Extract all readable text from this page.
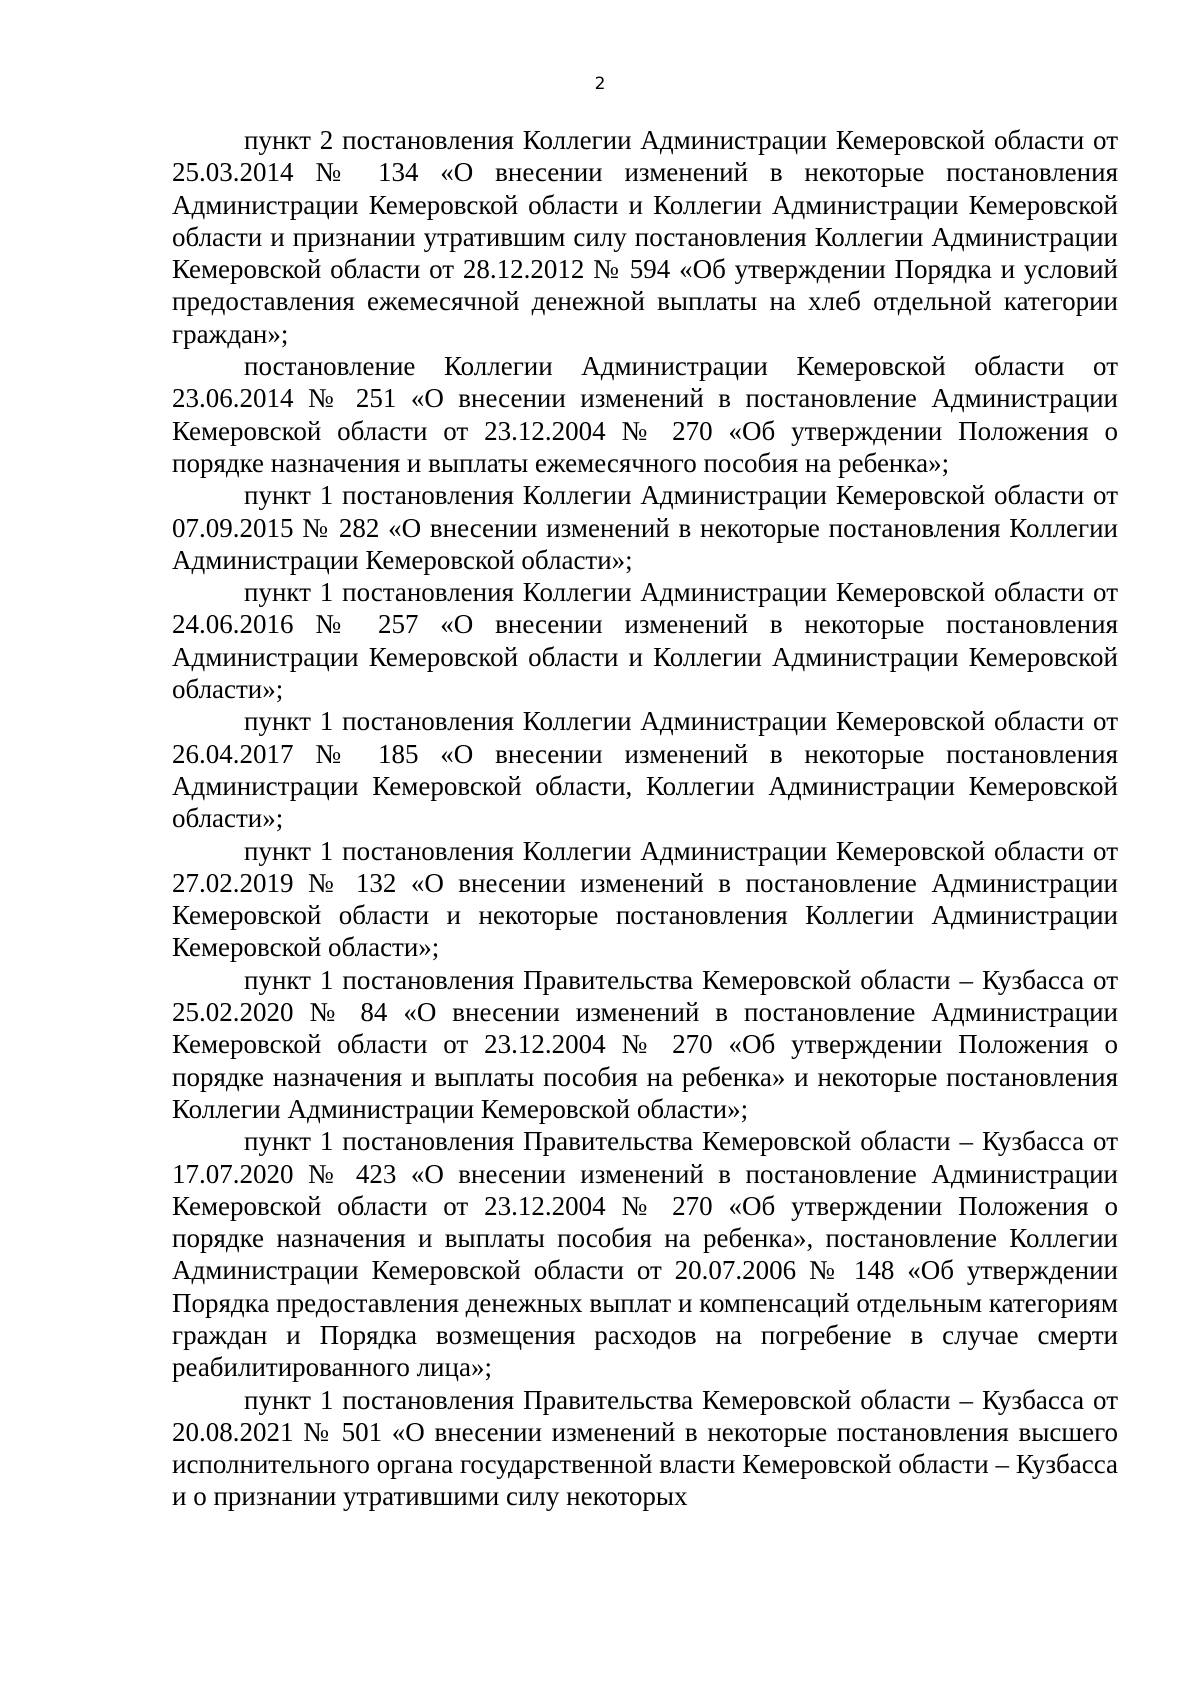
2

пункт 2 постановления Коллегии Администрации Кемеровской области от 25.03.2014 № 134 «О внесении изменений в некоторые постановления Администрации Кемеровской области и Коллегии Администрации Кемеровской области и признании утратившим силу постановления Коллегии Администрации Кемеровской области от 28.12.2012 № 594 «Об утверждении Порядка и условий предоставления ежемесячной денежной выплаты на хлеб отдельной категории граждан»;

постановление Коллегии Администрации Кемеровской области от 23.06.2014 № 251 «О внесении изменений в постановление Администрации Кемеровской области от 23.12.2004 № 270 «Об утверждении Положения о порядке назначения и выплаты ежемесячного пособия на ребенка»;

пункт 1 постановления Коллегии Администрации Кемеровской области от 07.09.2015 № 282 «О внесении изменений в некоторые постановления Коллегии Администрации Кемеровской области»;

пункт 1 постановления Коллегии Администрации Кемеровской области от 24.06.2016 № 257 «О внесении изменений в некоторые постановления Администрации Кемеровской области и Коллегии Администрации Кемеровской области»;

пункт 1 постановления Коллегии Администрации Кемеровской области от 26.04.2017 № 185 «О внесении изменений в некоторые постановления Администрации Кемеровской области, Коллегии Администрации Кемеровской области»;

пункт 1 постановления Коллегии Администрации Кемеровской области от 27.02.2019 № 132 «О внесении изменений в постановление Администрации Кемеровской области и некоторые постановления Коллегии Администрации Кемеровской области»;

пункт 1 постановления Правительства Кемеровской области – Кузбасса от 25.02.2020 № 84 «О внесении изменений в постановление Администрации Кемеровской области от 23.12.2004 № 270 «Об утверждении Положения о порядке назначения и выплаты пособия на ребенка» и некоторые постановления Коллегии Администрации Кемеровской области»;

пункт 1 постановления Правительства Кемеровской области – Кузбасса от 17.07.2020 № 423 «О внесении изменений в постановление Администрации Кемеровской области от 23.12.2004 № 270 «Об утверждении Положения о порядке назначения и выплаты пособия на ребенка», постановление Коллегии Администрации Кемеровской области от 20.07.2006 № 148 «Об утверждении Порядка предоставления денежных выплат и компенсаций отдельным категориям граждан и Порядка возмещения расходов на погребение в случае смерти реабилитированного лица»;

пункт 1 постановления Правительства Кемеровской области – Кузбасса от 20.08.2021 № 501 «О внесении изменений в некоторые постановления высшего исполнительного органа государственной власти Кемеровской области – Кузбасса и о признании утратившими силу некоторых
